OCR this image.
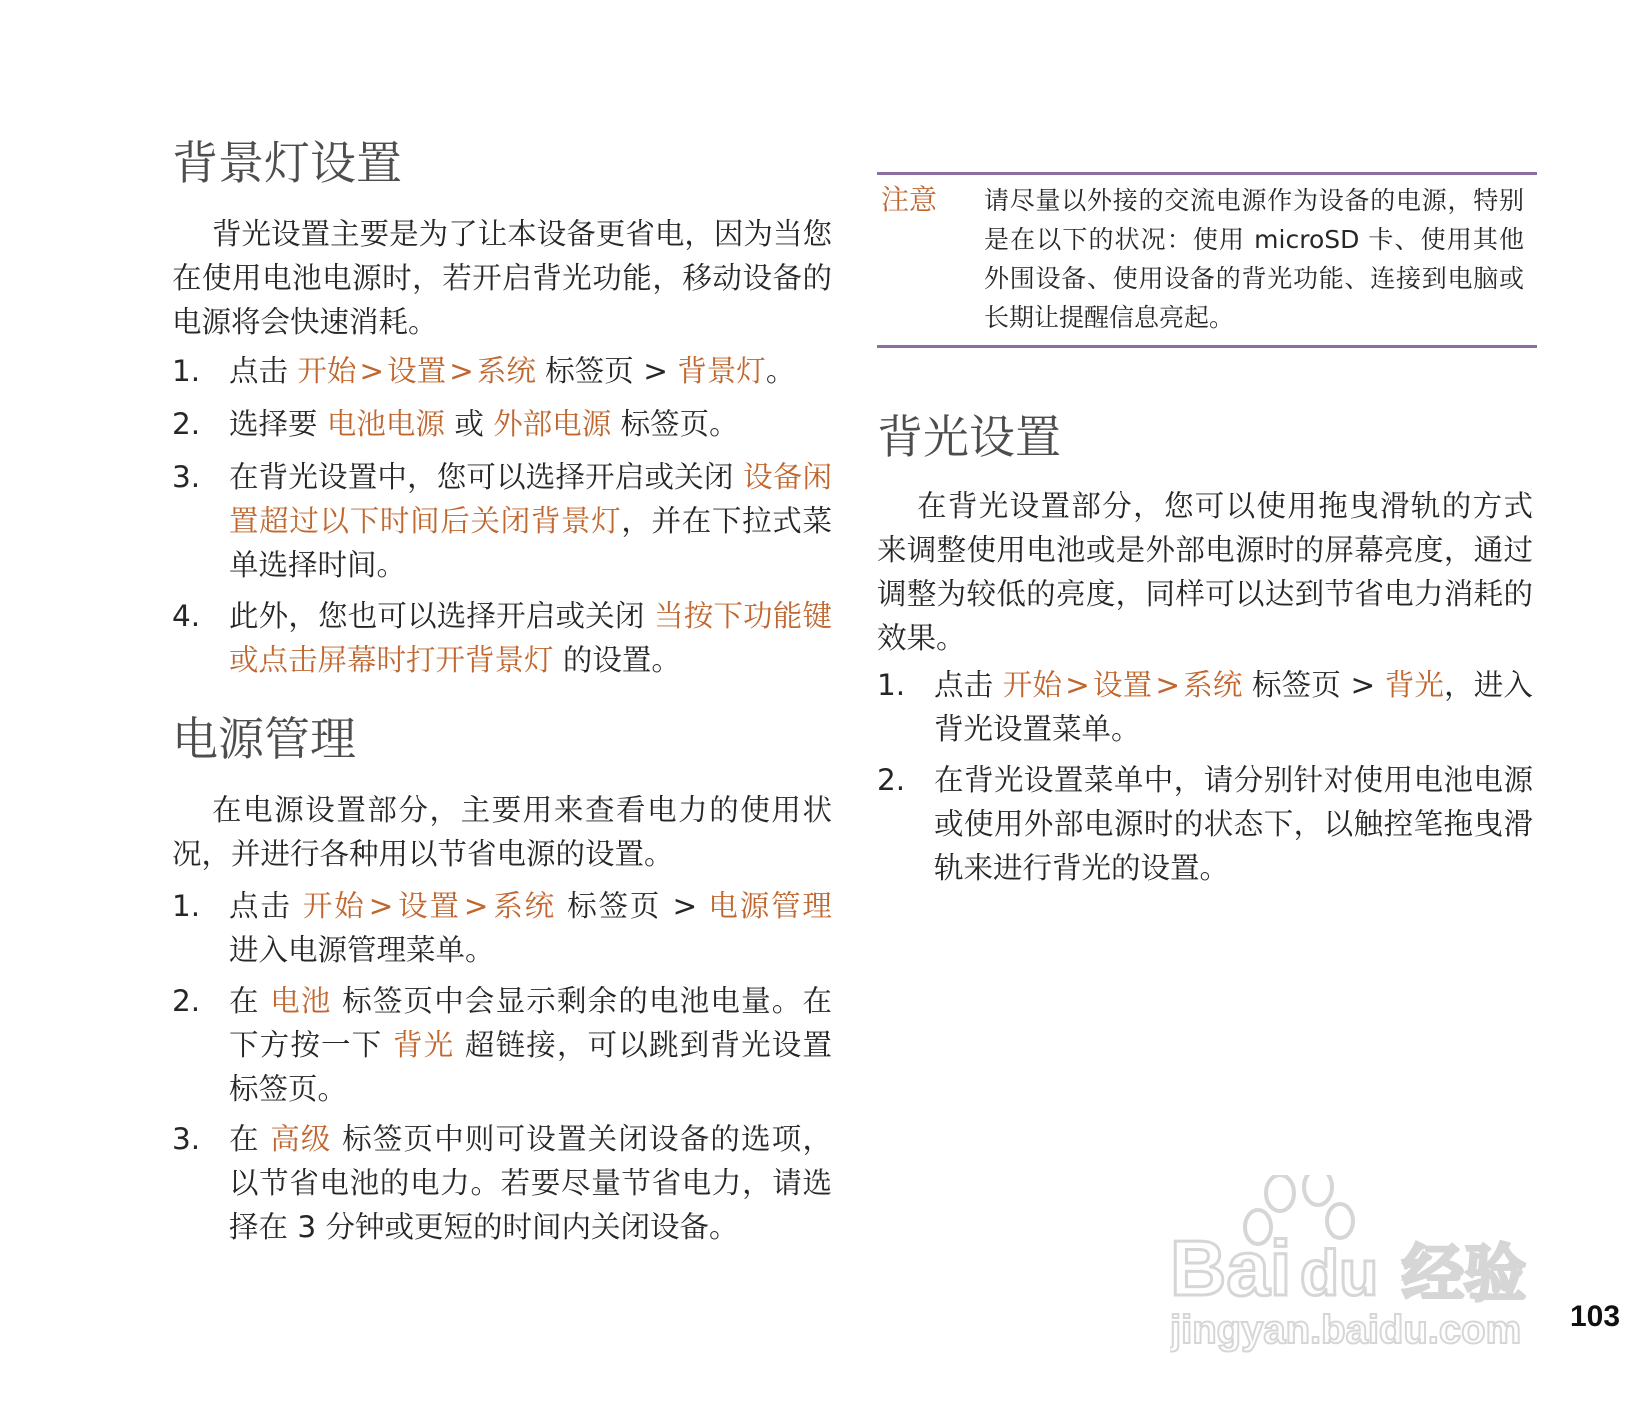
背景灯设置

背光设置主要是为了让本设备更省电，因为当您在使用电池电源时，若开启背光功能，移动设备的电源将会快速消耗。

1. 点击 开始 > 设置 > 系统 标签页 > 背景灯。
2. 选择要 电池电源 或 外部电源 标签页。
3. 在背光设置中，您可以选择开启或关闭 设备闲置超过以下时间后关闭背景灯，并在下拉式菜单选择时间。
4. 此外，您也可以选择开启或关闭 当按下功能键或点击屏幕时打开背景灯 的设置。
电源管理

在电源设置部分，主要用来查看电力的使用状况，并进行各种用以节省电源的设置。

1. 点击 开始 > 设置 > 系统 标签页 > 电源管理 进入电源管理菜单。
2. 在 电池 标签页中会显示剩余的电池电量。在下方按一下 背光 超链接，可以跳到背光设置标签页。
3. 在 高级 标签页中则可设置关闭设备的选项，以节省电池的电力。若要尽量节省电力，请选择在 3 分钟或更短的时间内关闭设备。
注意 请尽量以外接的交流电源作为设备的电源，特别是在以下的状况：使用 microSD 卡、使用其他外围设备、使用设备的背光功能、连接到电脑或长期让提醒信息亮起。
背光设置

在背光设置部分，您可以使用拖曳滑轨的方式来调整使用电池或是外部电源时的屏幕亮度，通过调整为较低的亮度，同样可以达到节省电力消耗的效果。

1. 点击 开始 > 设置 > 系统 标签页 > 背光，进入背光设置菜单。
2. 在背光设置菜单中，请分别针对使用电池电源或使用外部电源时的状态下，以触控笔拖曳滑轨来进行背光的设置。
Bai du 经验
jingyan.baidu.com 103
